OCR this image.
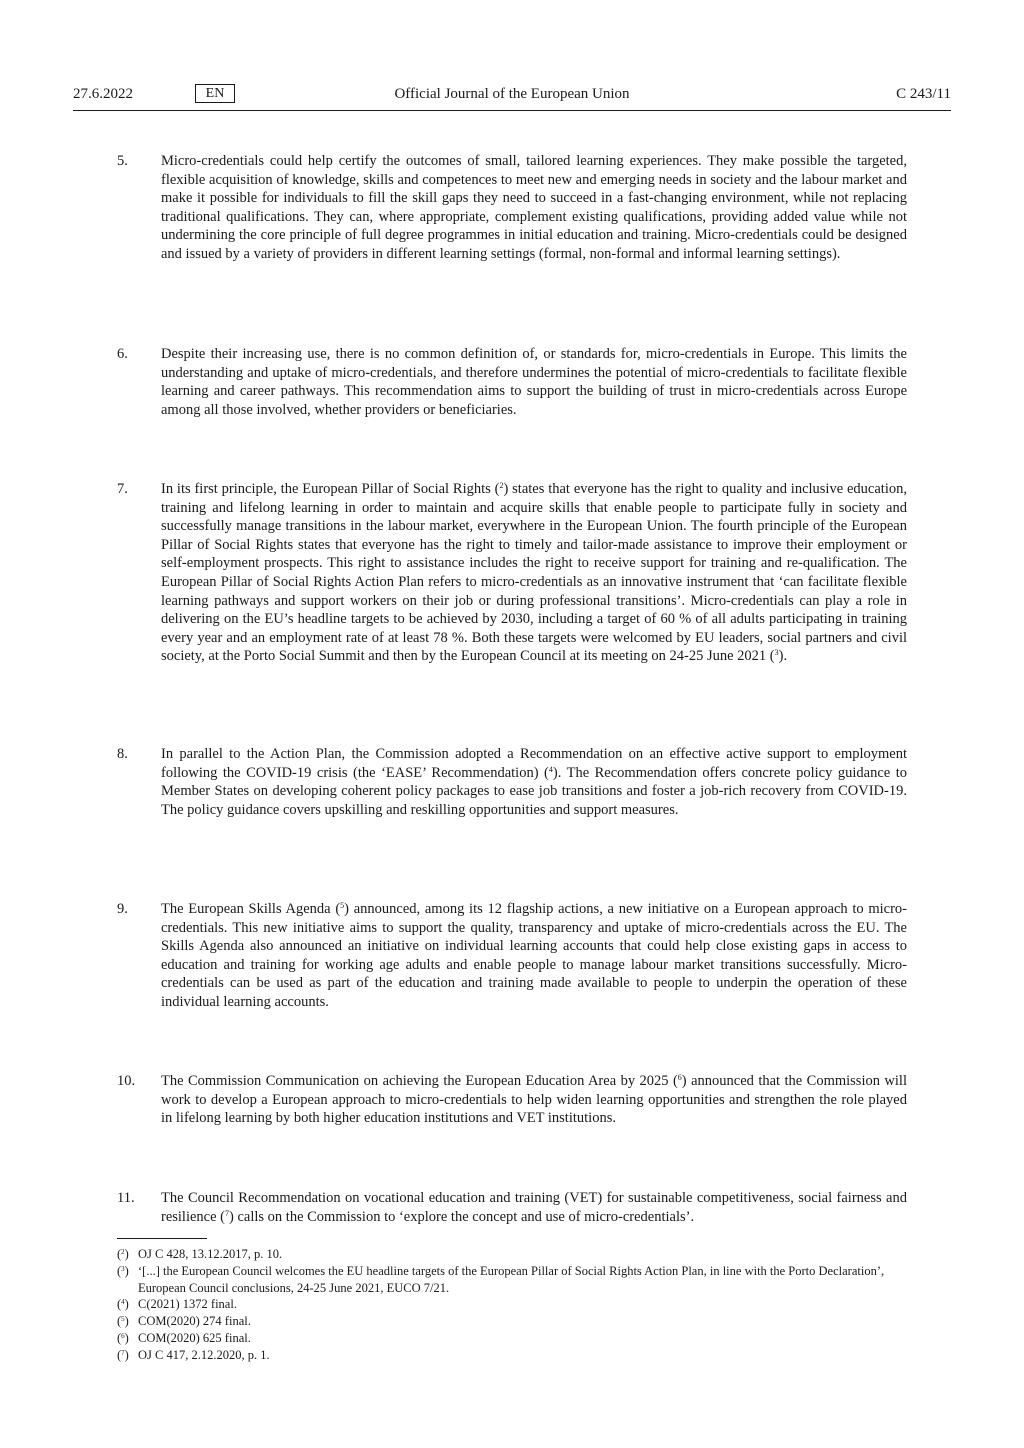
27.6.2022	EN	Official Journal of the European Union	C 243/11
5. Micro-credentials could help certify the outcomes of small, tailored learning experiences. They make possible the targeted, flexible acquisition of knowledge, skills and competences to meet new and emerging needs in society and the labour market and make it possible for individuals to fill the skill gaps they need to succeed in a fast-changing environment, while not replacing traditional qualifications. They can, where appropriate, complement existing qualifications, providing added value while not undermining the core principle of full degree programmes in initial education and training. Micro-credentials could be designed and issued by a variety of providers in different learning settings (formal, non-formal and informal learning settings).
6. Despite their increasing use, there is no common definition of, or standards for, micro-credentials in Europe. This limits the understanding and uptake of micro-credentials, and therefore undermines the potential of micro-credentials to facilitate flexible learning and career pathways. This recommendation aims to support the building of trust in micro-credentials across Europe among all those involved, whether providers or beneficiaries.
7. In its first principle, the European Pillar of Social Rights ($^2$) states that everyone has the right to quality and inclusive education, training and lifelong learning in order to maintain and acquire skills that enable people to participate fully in society and successfully manage transitions in the labour market, everywhere in the European Union. The fourth principle of the European Pillar of Social Rights states that everyone has the right to timely and tailor-made assistance to improve their employment or self-employment prospects. This right to assistance includes the right to receive support for training and re-qualification. The European Pillar of Social Rights Action Plan refers to micro-credentials as an innovative instrument that ‘can facilitate flexible learning pathways and support workers on their job or during professional transitions’. Micro-credentials can play a role in delivering on the EU’s headline targets to be achieved by 2030, including a target of 60 % of all adults participating in training every year and an employment rate of at least 78 %. Both these targets were welcomed by EU leaders, social partners and civil society, at the Porto Social Summit and then by the European Council at its meeting on 24-25 June 2021 ($^3$).
8. In parallel to the Action Plan, the Commission adopted a Recommendation on an effective active support to employment following the COVID-19 crisis (the ‘EASE’ Recommendation) ($^4$). The Recommendation offers concrete policy guidance to Member States on developing coherent policy packages to ease job transitions and foster a job-rich recovery from COVID-19. The policy guidance covers upskilling and reskilling opportunities and support measures.
9. The European Skills Agenda ($^5$) announced, among its 12 flagship actions, a new initiative on a European approach to micro-credentials. This new initiative aims to support the quality, transparency and uptake of micro-credentials across the EU. The Skills Agenda also announced an initiative on individual learning accounts that could help close existing gaps in access to education and training for working age adults and enable people to manage labour market transitions successfully. Micro-credentials can be used as part of the education and training made available to people to underpin the operation of these individual learning accounts.
10. The Commission Communication on achieving the European Education Area by 2025 ($^6$) announced that the Commission will work to develop a European approach to micro-credentials to help widen learning opportunities and strengthen the role played in lifelong learning by both higher education institutions and VET institutions.
11. The Council Recommendation on vocational education and training (VET) for sustainable competitiveness, social fairness and resilience ($^7$) calls on the Commission to ‘explore the concept and use of micro-credentials’.
($^2$) OJ C 428, 13.12.2017, p. 10.
($^3$) ‘[...] the European Council welcomes the EU headline targets of the European Pillar of Social Rights Action Plan, in line with the Porto Declaration’, European Council conclusions, 24-25 June 2021, EUCO 7/21.
($^4$) C(2021) 1372 final.
($^5$) COM(2020) 274 final.
($^6$) COM(2020) 625 final.
($^7$) OJ C 417, 2.12.2020, p. 1.
